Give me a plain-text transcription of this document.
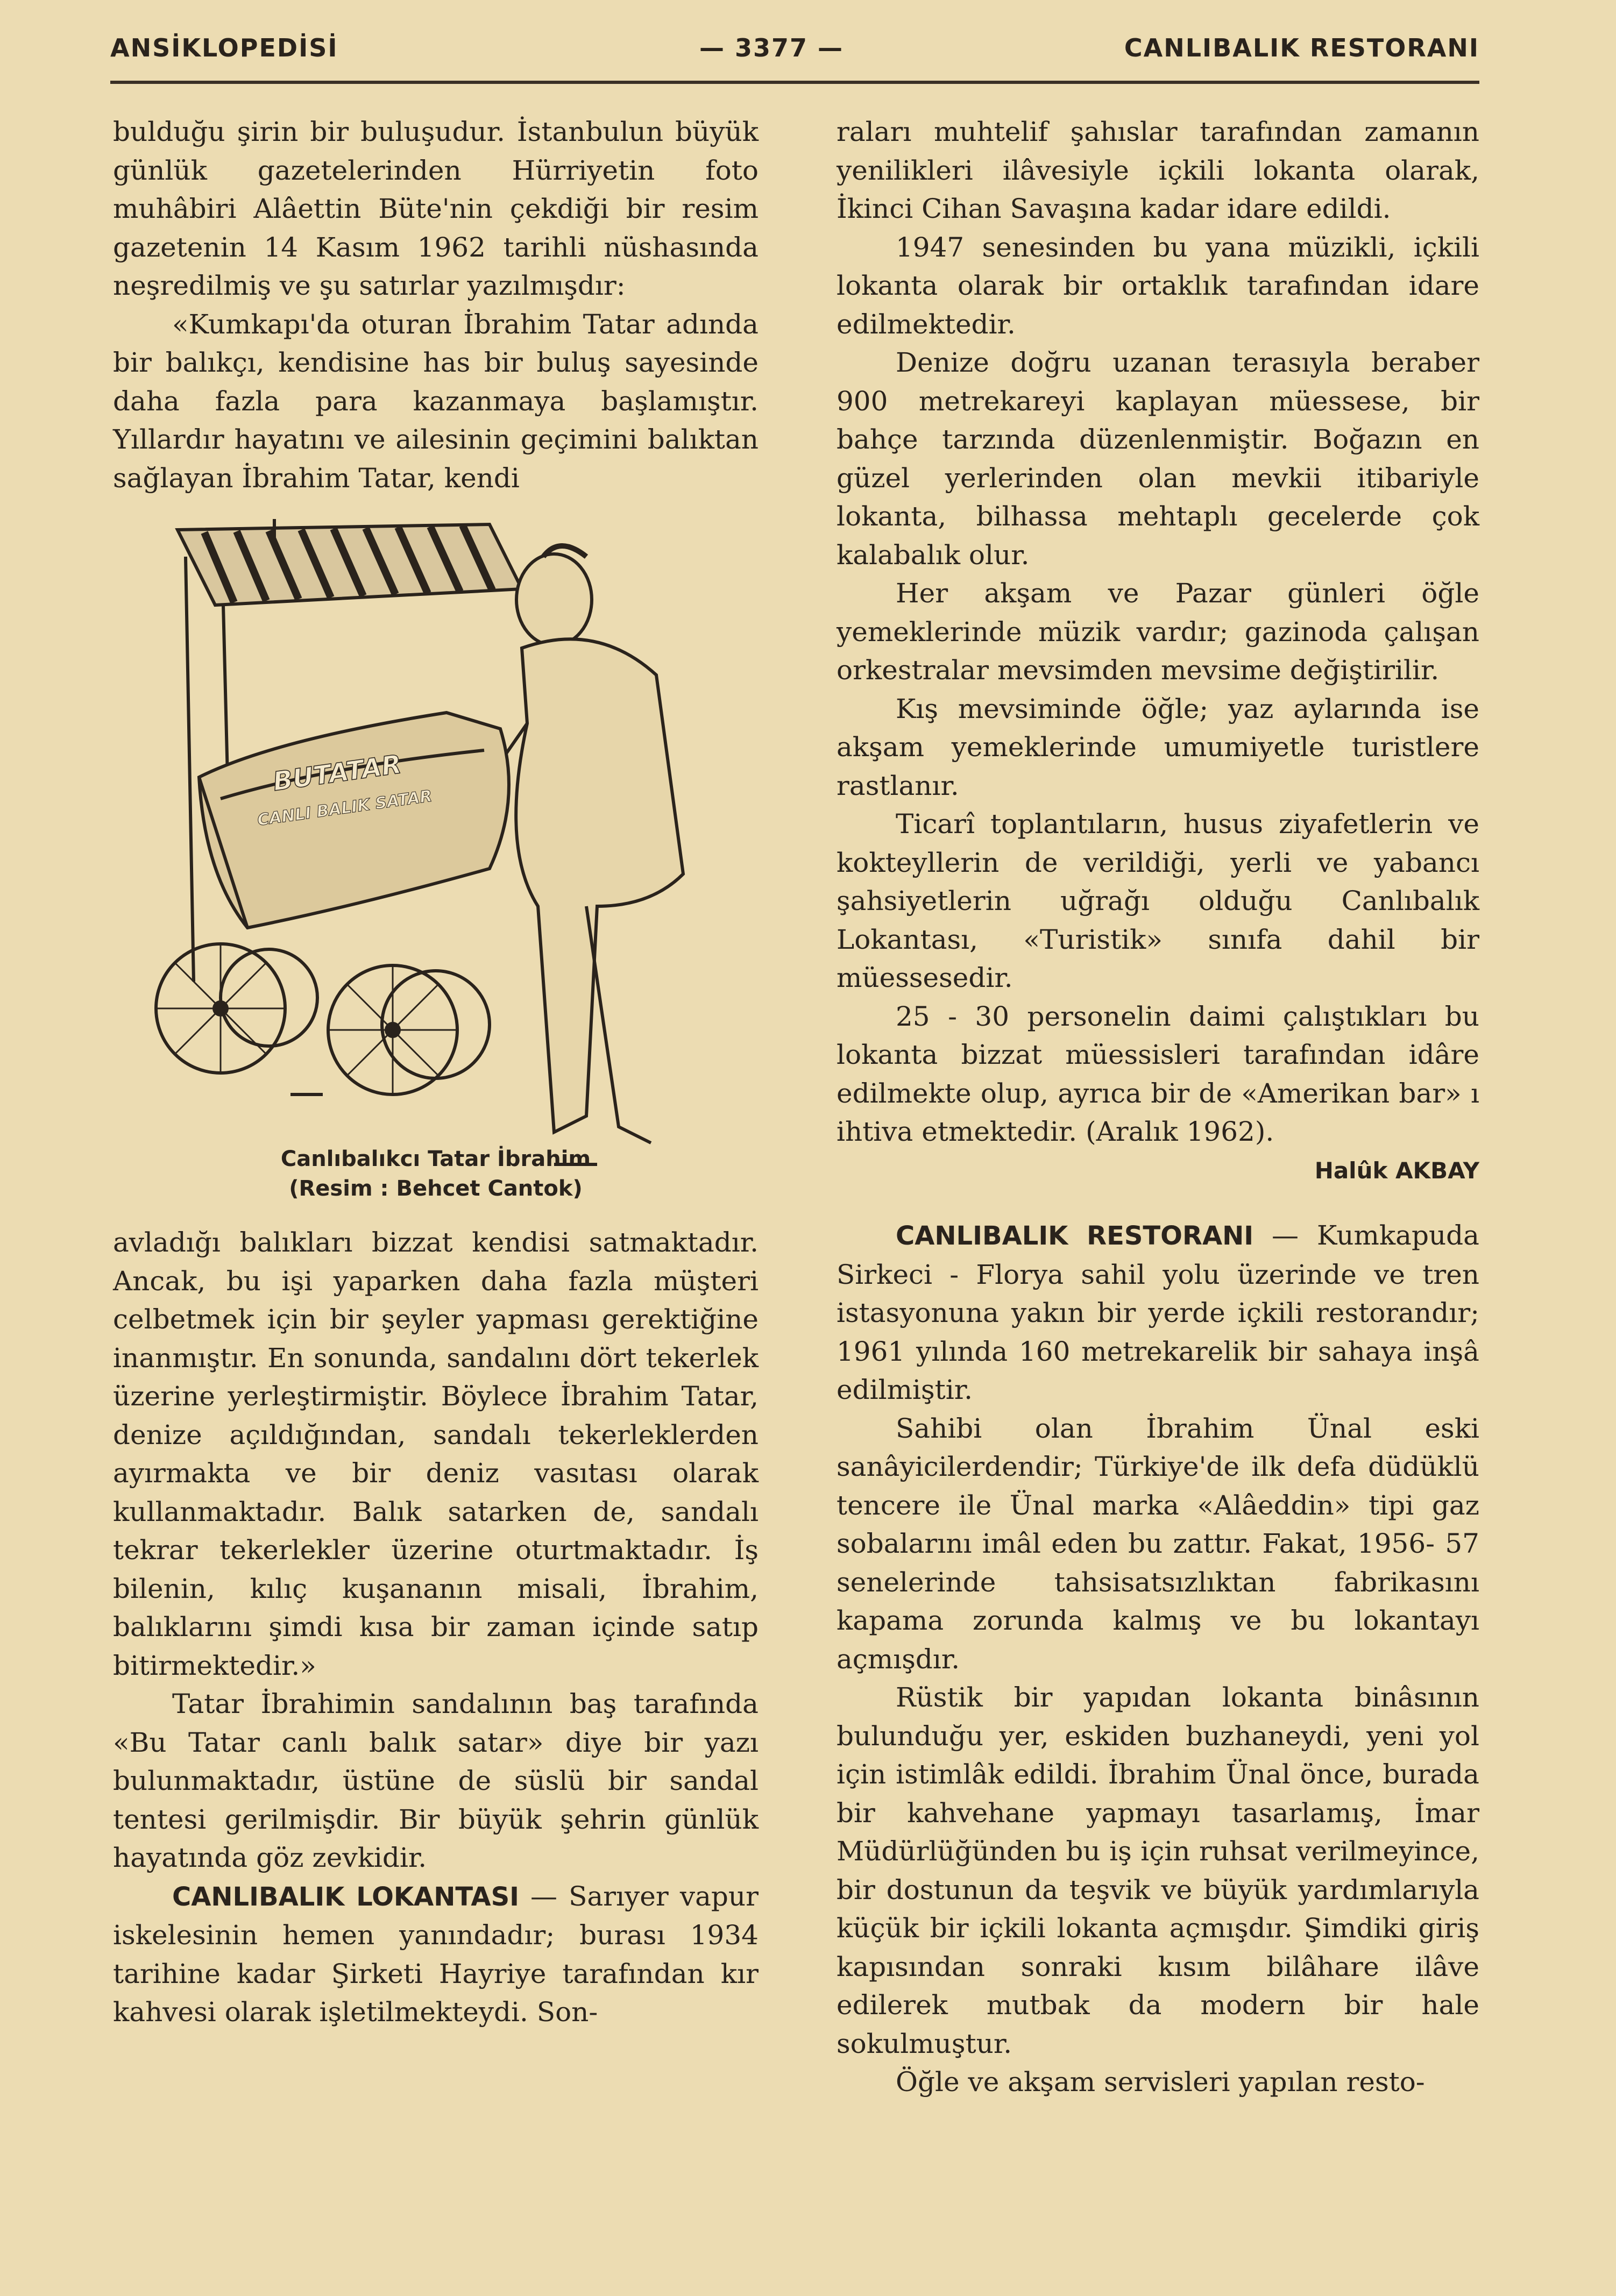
ANSİKLOPEDİSİ	— 3377 —	CANLIBALIK RESTORANI

bulduğu şirin bir buluşudur. İstanbulun büyük günlük gazetelerinden Hürriyetin foto muhâbiri Alâettin Büte'nin çekdiği bir resim gazetenin 14 Kasım 1962 tarihli nüshasında neşredilmiş ve şu satırlar yazılmışdır:

«Kumkapı'da oturan İbrahim Tatar adında bir balıkçı, kendisine has bir buluş sayesinde daha fazla para kazanmaya başlamıştır. Yıllardır hayatını ve ailesinin geçimini balıktan sağlayan İbrahim Tatar, kendi

BUTATAR
CANLI BALIK SATAR
Canlıbalıkcı Tatar İbrahim
(Resim : Behcet Cantok)

avladığı balıkları bizzat kendisi satmaktadır. Ancak, bu işi yaparken daha fazla müşteri celbetmek için bir şeyler yapması gerektiğine inanmıştır. En sonunda, sandalını dört tekerlek üzerine yerleştirmiştir. Böylece İbrahim Tatar, denize açıldığından, sandalı tekerleklerden ayırmakta ve bir deniz vasıtası olarak kullanmaktadır. Balık satarken de, sandalı tekrar tekerlekler üzerine oturtmaktadır. İş bilenin, kılıç kuşananın misali, İbrahim, balıklarını şimdi kısa bir zaman içinde satıp bitirmektedir.»

Tatar İbrahimin sandalının baş tarafında «Bu Tatar canlı balık satar» diye bir yazı bulunmaktadır, üstüne de süslü bir sandal tentesi gerilmişdir. Bir büyük şehrin günlük hayatında göz zevkidir.

CANLIBALIK LOKANTASI — Sarıyer vapur iskelesinin hemen yanındadır; burası 1934 tarihine kadar Şirketi Hayriye tarafından kır kahvesi olarak işletilmekteydi. Son-

raları muhtelif şahıslar tarafından zamanın yenilikleri ilâvesiyle içkili lokanta olarak, İkinci Cihan Savaşına kadar idare edildi.

1947 senesinden bu yana müzikli, içkili lokanta olarak bir ortaklık tarafından idare edilmektedir.

Denize doğru uzanan terasıyla beraber 900 metrekareyi kaplayan müessese, bir bahçe tarzında düzenlenmiştir. Boğazın en güzel yerlerinden olan mevkii itibariyle lokanta, bilhassa mehtaplı gecelerde çok kalabalık olur.

Her akşam ve Pazar günleri öğle yemeklerinde müzik vardır; gazinoda çalışan orkestralar mevsimden mevsime değiştirilir.

Kış mevsiminde öğle; yaz aylarında ise akşam yemeklerinde umumiyetle turistlere rastlanır.

Ticarî toplantıların, husus ziyafetlerin ve kokteyllerin de verildiği, yerli ve yabancı şahsiyetlerin uğrağı olduğu Canlıbalık Lokantası, «Turistik» sınıfa dahil bir müessesedir.

25 - 30 personelin daimi çalıştıkları bu lokanta bizzat müessisleri tarafından idâre edilmekte olup, ayrıca bir de «Amerikan bar» ı ihtiva etmektedir. (Aralık 1962).

Halûk AKBAY

CANLIBALIK RESTORANI — Kumkapuda Sirkeci - Florya sahil yolu üzerinde ve tren istasyonuna yakın bir yerde içkili restorandır; 1961 yılında 160 metrekarelik bir sahaya inşâ edilmiştir.

Sahibi olan İbrahim Ünal eski sanâyicilerdendir; Türkiye'de ilk defa düdüklü tencere ile Ünal marka «Alâeddin» tipi gaz sobalarını imâl eden bu zattır. Fakat, 1956- 57 senelerinde tahsisatsızlıktan fabrikasını kapama zorunda kalmış ve bu lokantayı açmışdır.

Rüstik bir yapıdan lokanta binâsının bulunduğu yer, eskiden buzhaneydi, yeni yol için istimlâk edildi. İbrahim Ünal önce, burada bir kahvehane yapmayı tasarlamış, İmar Müdürlüğünden bu iş için ruhsat verilmeyince, bir dostunun da teşvik ve büyük yardımlarıyla küçük bir içkili lokanta açmışdır. Şimdiki giriş kapısından sonraki kısım bilâhare ilâve edilerek mutbak da modern bir hale sokulmuştur.

Öğle ve akşam servisleri yapılan resto-
